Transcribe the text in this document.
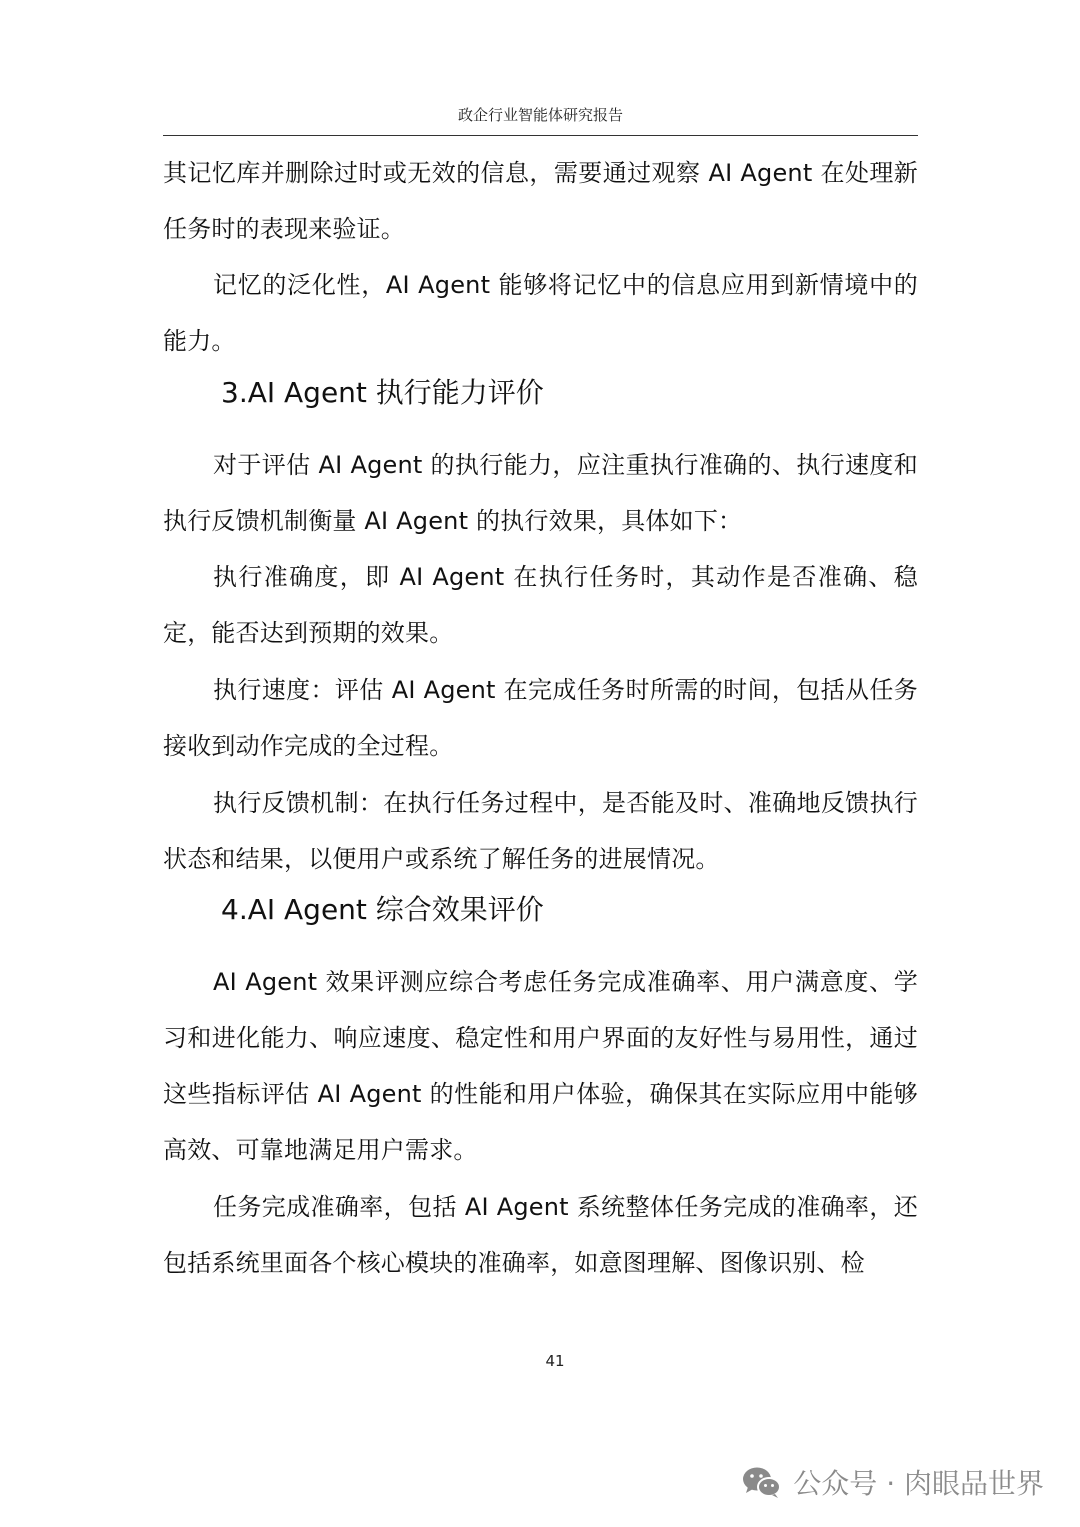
政企行业智能体研究报告

其记忆库并删除过时或无效的信息，需要通过观察 AI Agent 在处理新任务时的表现来验证。

记忆的泛化性，AI Agent 能够将记忆中的信息应用到新情境中的能力。

3.AI Agent 执行能力评价

对于评估 AI Agent 的执行能力，应注重执行准确的、执行速度和执行反馈机制衡量 AI Agent 的执行效果，具体如下：

执行准确度，即 AI Agent 在执行任务时，其动作是否准确、稳定，能否达到预期的效果。

执行速度：评估 AI Agent 在完成任务时所需的时间，包括从任务接收到动作完成的全过程。

执行反馈机制：在执行任务过程中，是否能及时、准确地反馈执行状态和结果，以便用户或系统了解任务的进展情况。

4.AI Agent 综合效果评价

AI Agent 效果评测应综合考虑任务完成准确率、用户满意度、学习和进化能力、响应速度、稳定性和用户界面的友好性与易用性，通过这些指标评估 AI Agent 的性能和用户体验，确保其在实际应用中能够高效、可靠地满足用户需求。

任务完成准确率，包括 AI Agent 系统整体任务完成的准确率，还包括系统里面各个核心模块的准确率，如意图理解、图像识别、检

41
公众号 · 肉眼品世界
